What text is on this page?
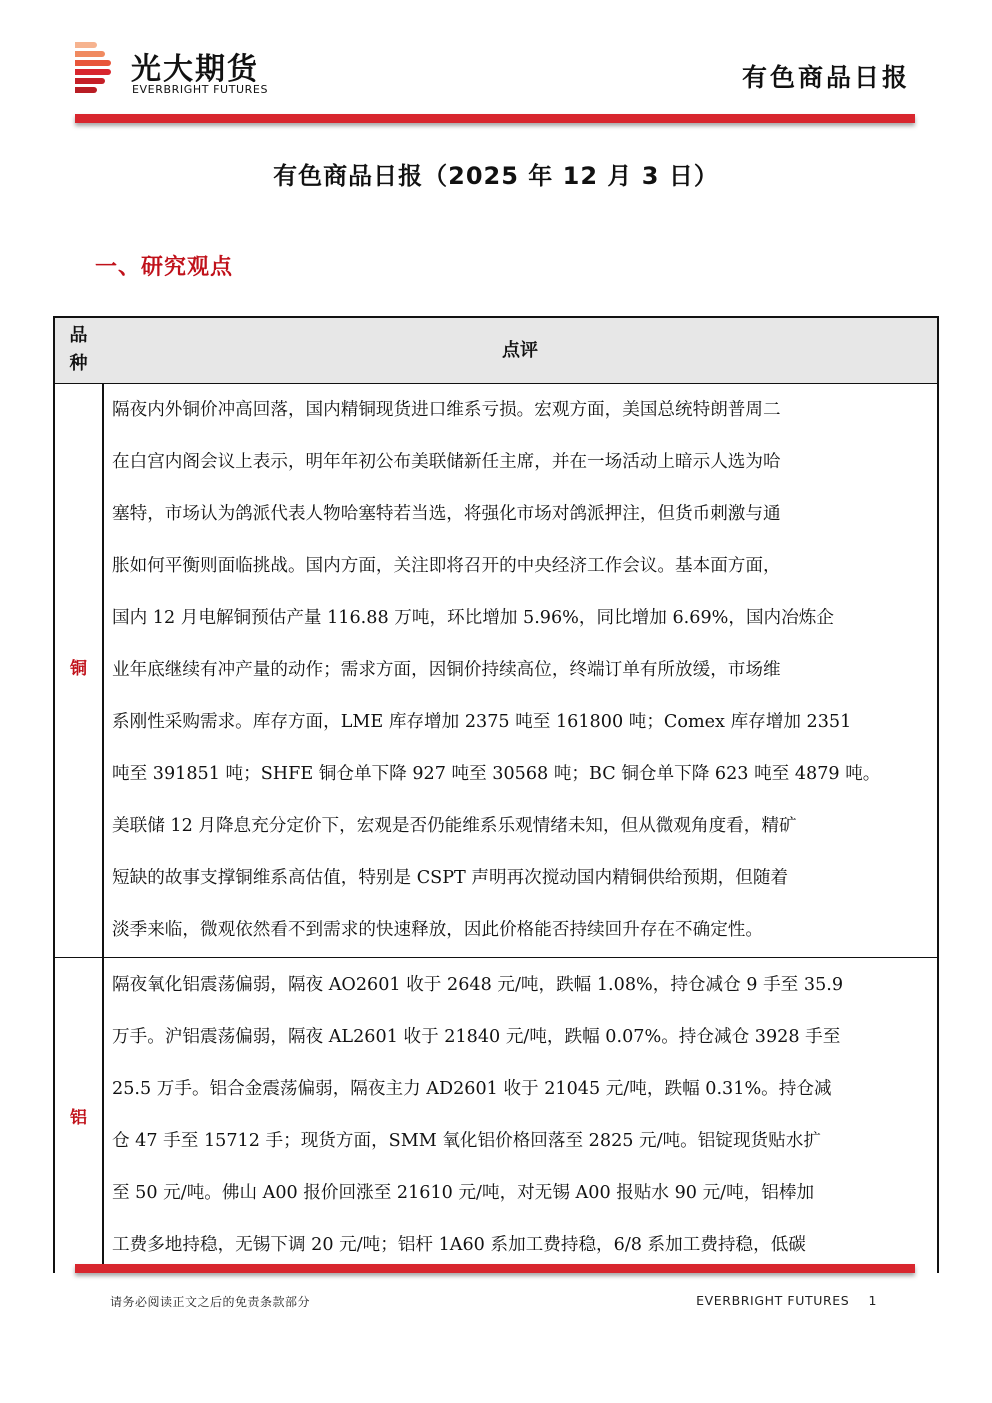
光大期货
EVERBRIGHT FUTURES	有色商品日报
有色商品日报（2025 年 12 月 3 日）
一、研究观点
品
种
点评
铜

隔夜内外铜价冲高回落，国内精铜现货进口维系亏损。宏观方面，美国总统特朗普周二

在白宫内阁会议上表示，明年年初公布美联储新任主席，并在一场活动上暗示人选为哈

塞特，市场认为鸽派代表人物哈塞特若当选，将强化市场对鸽派押注，但货币刺激与通

胀如何平衡则面临挑战。国内方面，关注即将召开的中央经济工作会议。基本面方面，

国内 12 月电解铜预估产量 116.88 万吨，环比增加 5.96%，同比增加 6.69%，国内冶炼企

业年底继续有冲产量的动作；需求方面，因铜价持续高位，终端订单有所放缓，市场维

系刚性采购需求。库存方面，LME 库存增加 2375 吨至 161800 吨；Comex 库存增加 2351

吨至 391851 吨；SHFE 铜仓单下降 927 吨至 30568 吨；BC 铜仓单下降 623 吨至 4879 吨。

美联储 12 月降息充分定价下，宏观是否仍能维系乐观情绪未知，但从微观角度看，精矿

短缺的故事支撑铜维系高估值，特别是 CSPT 声明再次搅动国内精铜供给预期，但随着

淡季来临，微观依然看不到需求的快速释放，因此价格能否持续回升存在不确定性。

铝

隔夜氧化铝震荡偏弱，隔夜 AO2601 收于 2648 元/吨，跌幅 1.08%，持仓减仓 9 手至 35.9

万手。沪铝震荡偏弱，隔夜 AL2601 收于 21840 元/吨，跌幅 0.07%。持仓减仓 3928 手至

25.5 万手。铝合金震荡偏弱，隔夜主力 AD2601 收于 21045 元/吨，跌幅 0.31%。持仓减

仓 47 手至 15712 手；现货方面，SMM 氧化铝价格回落至 2825 元/吨。铝锭现货贴水扩

至 50 元/吨。佛山 A00 报价回涨至 21610 元/吨，对无锡 A00 报贴水 90 元/吨，铝棒加

工费多地持稳，无锡下调 20 元/吨；铝杆 1A60 系加工费持稳，6/8 系加工费持稳，低碳

请务必阅读正文之后的免责条款部分	EVERBRIGHT FUTURES 1
